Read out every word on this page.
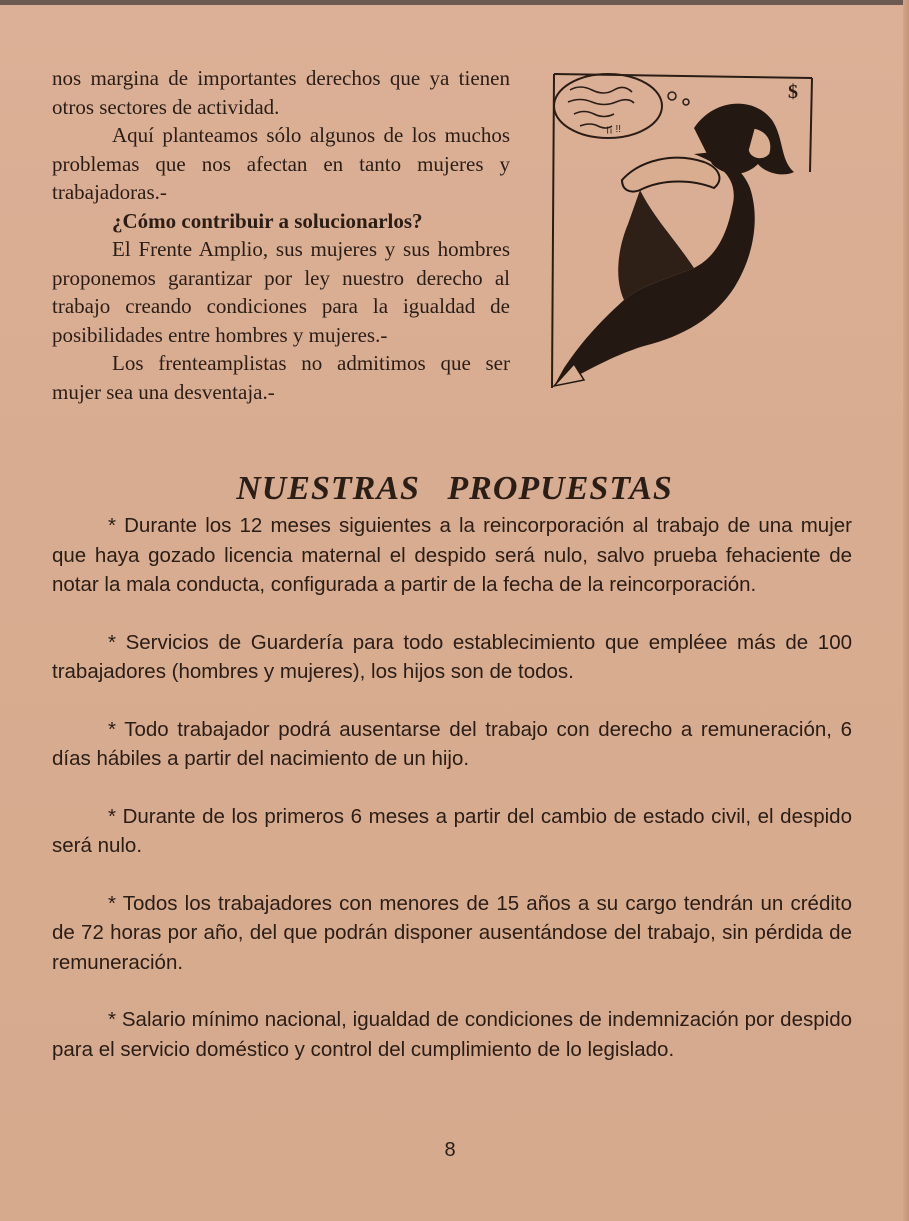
nos margina de importantes derechos que ya tienen otros sectores de actividad.

Aquí planteamos sólo algunos de los muchos problemas que nos afectan en tanto mujeres y trabajadoras.-

¿Cómo contribuir a solucionarlos?

El Frente Amplio, sus mujeres y sus hombres proponemos garantizar por ley nuestro derecho al trabajo creando condiciones para la igualdad de posibilidades entre hombres y mujeres.-

Los frenteamplistas no admitimos que ser mujer sea una desventaja.-

¡¡ !!
$
NUESTRAS PROPUESTAS

* Durante los 12 meses siguientes a la reincorporación al trabajo de una mujer que haya gozado licencia maternal el despido será nulo, salvo prueba fehaciente de notar la mala conducta, configurada a partir de la fecha de la reincorporación.

* Servicios de Guardería para todo establecimiento que empléee más de 100 trabajadores (hombres y mujeres), los hijos son de todos.

* Todo trabajador podrá ausentarse del trabajo con derecho a remuneración, 6 días hábiles a partir del nacimiento de un hijo.

* Durante de los primeros 6 meses a partir del cambio de estado civil, el despido será nulo.

* Todos los trabajadores con menores de 15 años a su cargo tendrán un crédito de 72 horas por año, del que podrán disponer ausentándose del trabajo, sin pérdida de remuneración.

* Salario mínimo nacional, igualdad de condiciones de indemnización por despido para el servicio doméstico y control del cumplimiento de lo legislado.

8
